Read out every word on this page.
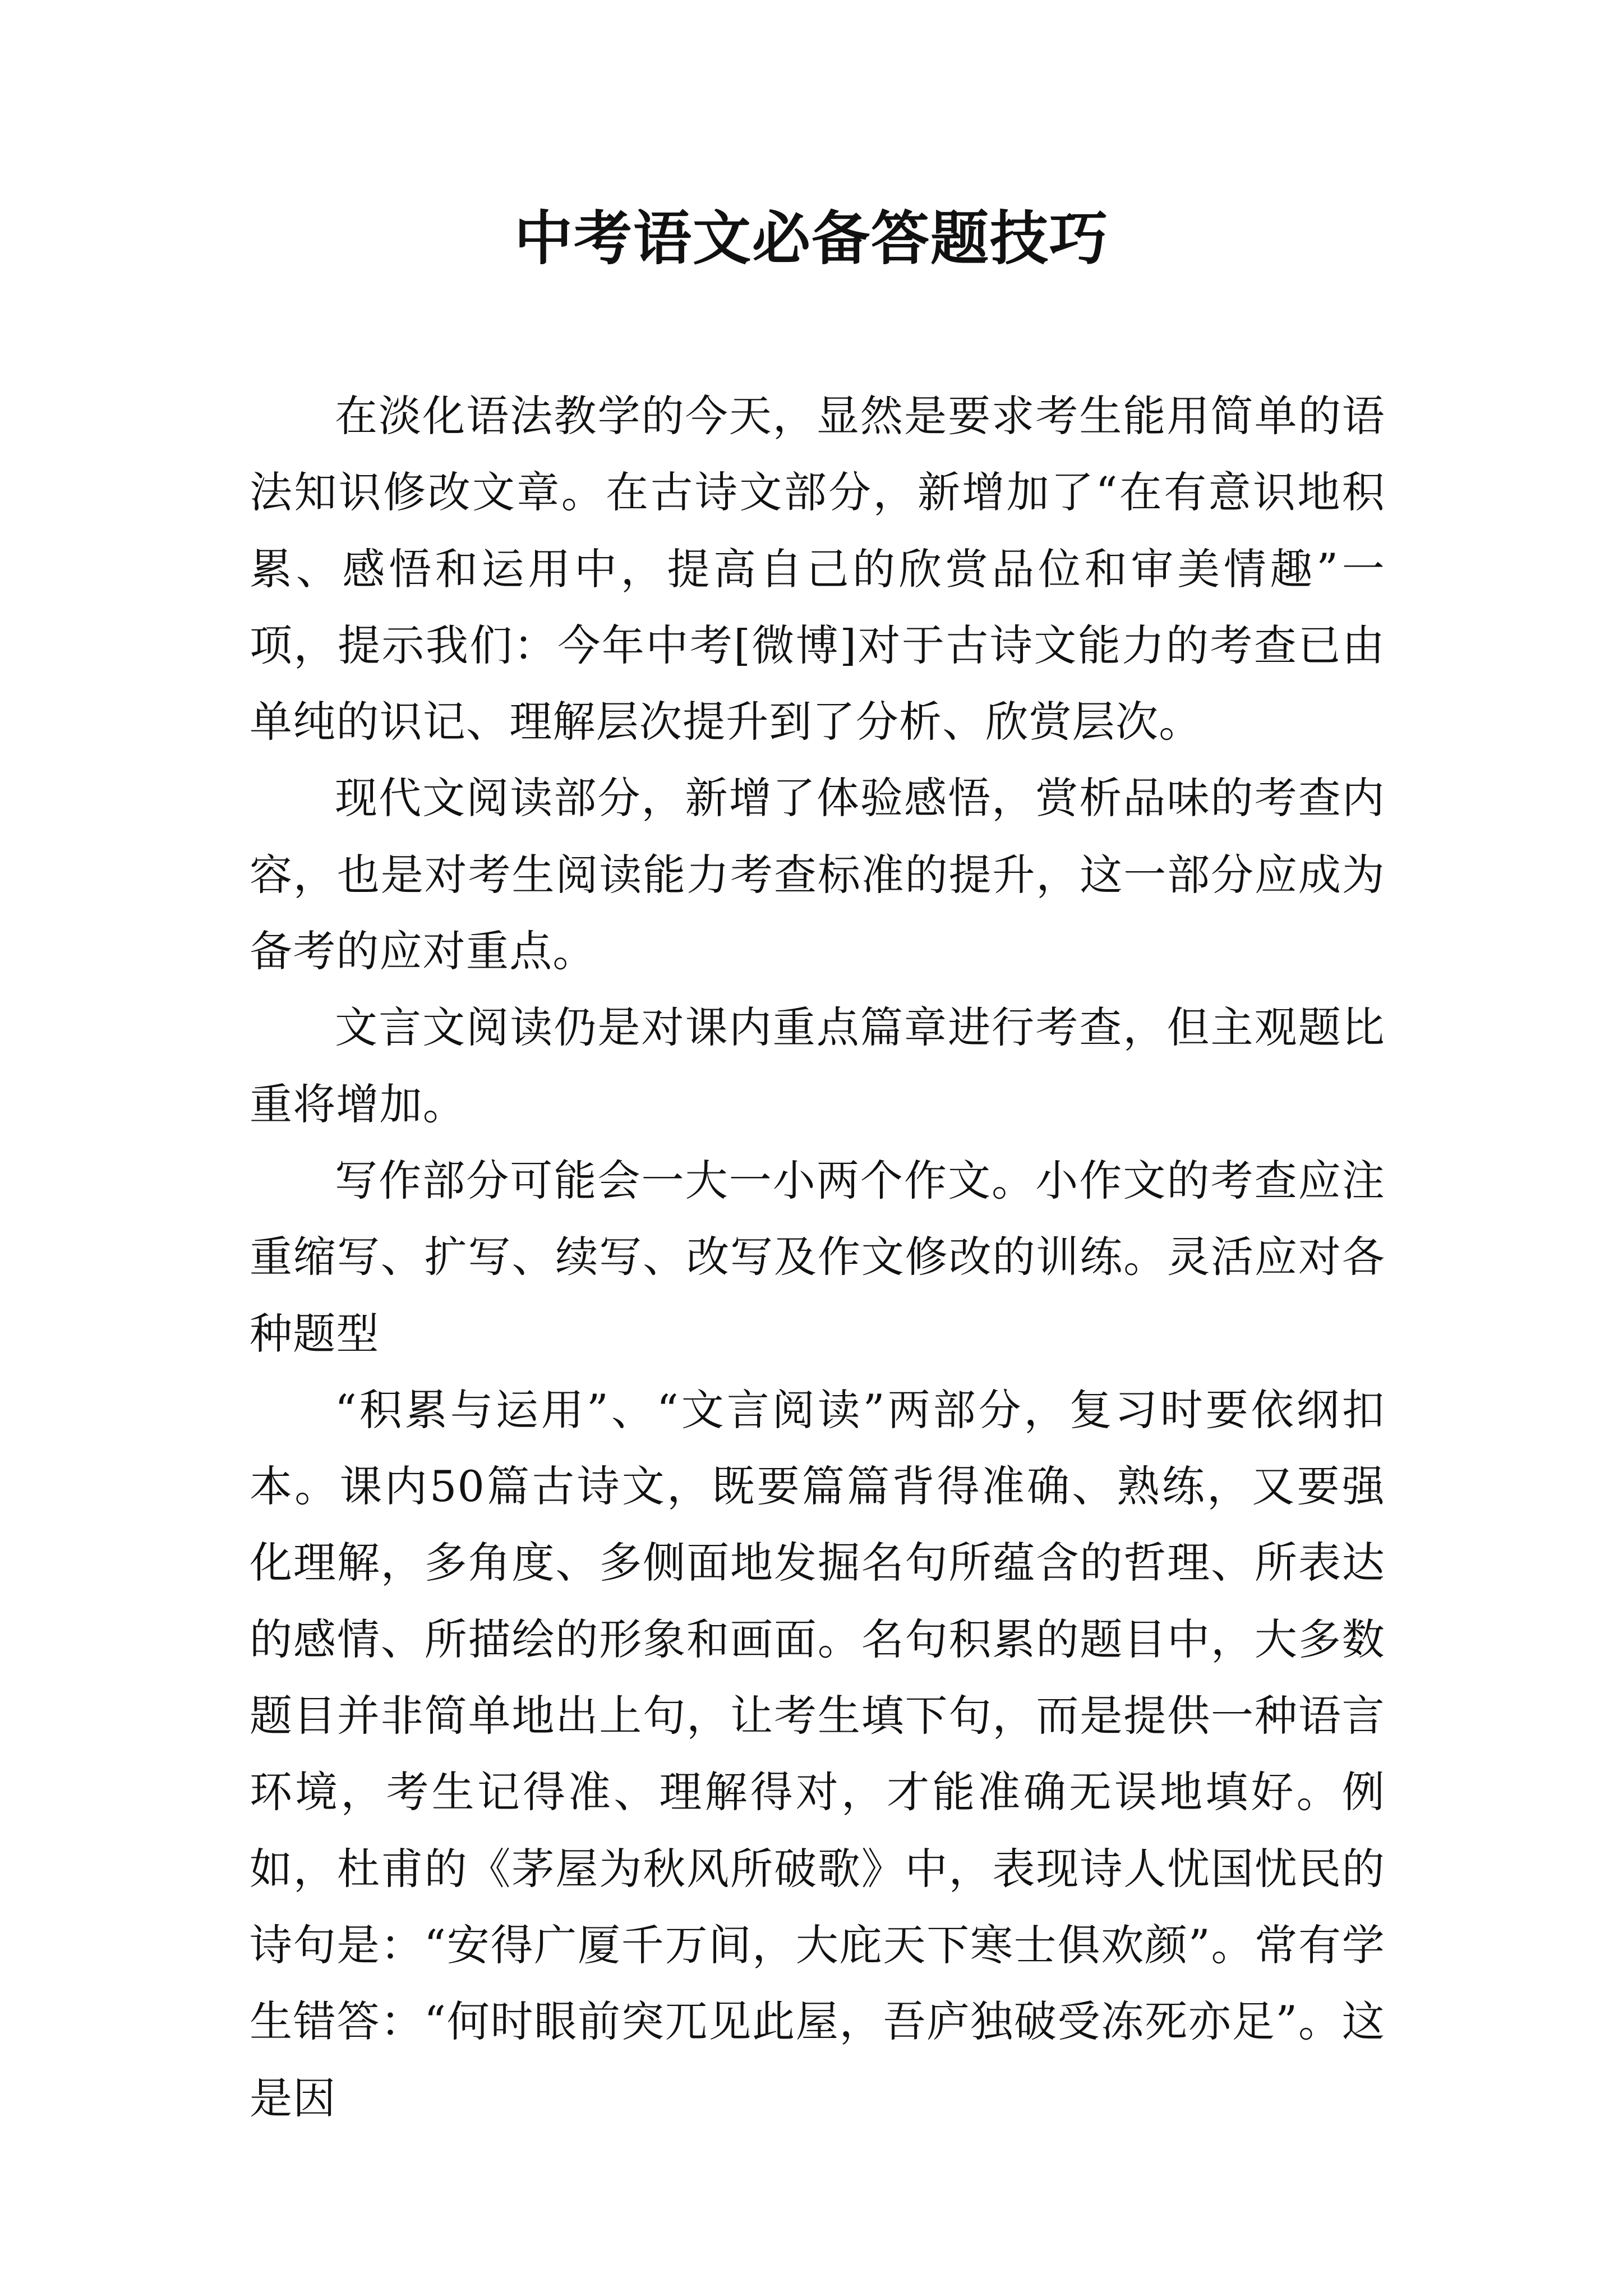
中考语文必备答题技巧

在淡化语法教学的今天，显然是要求考生能用简单的语法知识修改文章。在古诗文部分，新增加了“在有意识地积累、感悟和运用中，提高自己的欣赏品位和审美情趣”一项，提示我们：今年中考[微博]对于古诗文能力的考查已由单纯的识记、理解层次提升到了分析、欣赏层次。

现代文阅读部分，新增了体验感悟，赏析品味的考查内容，也是对考生阅读能力考查标准的提升，这一部分应成为备考的应对重点。

文言文阅读仍是对课内重点篇章进行考查，但主观题比重将增加。

写作部分可能会一大一小两个作文。小作文的考查应注重缩写、扩写、续写、改写及作文修改的训练。灵活应对各种题型

“积累与运用”、“文言阅读”两部分，复习时要依纲扣本。课内50篇古诗文，既要篇篇背得准确、熟练，又要强化理解，多角度、多侧面地发掘名句所蕴含的哲理、所表达的感情、所描绘的形象和画面。名句积累的题目中，大多数题目并非简单地出上句，让考生填下句，而是提供一种语言环境，考生记得准、理解得对，才能准确无误地填好。例如，杜甫的《茅屋为秋风所破歌》中，表现诗人忧国忧民的诗句是：“安得广厦千万间，大庇天下寒士俱欢颜”。常有学生错答：“何时眼前突兀见此屋，吾庐独破受冻死亦足”。这是因
